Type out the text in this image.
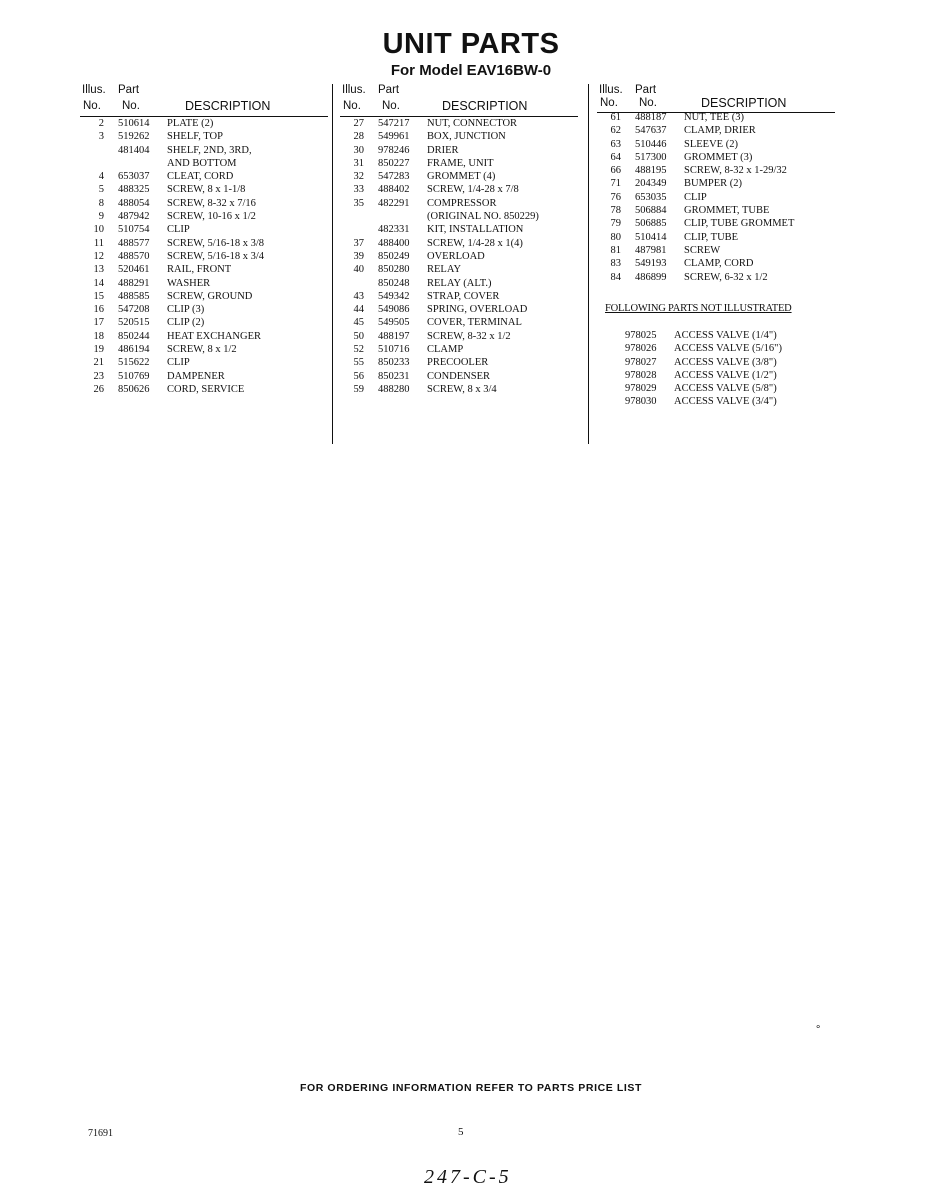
UNIT PARTS
For Model EAV16BW-0
Illus. Part
No. No.	DESCRIPTION
2 510614 PLATE (2)
3 519262 SHELF, TOP
481404 SHELF, 2ND, 3RD,
AND BOTTOM
4 653037 CLEAT, CORD
5 488325 SCREW, 8 x 1-1/8
8 488054 SCREW, 8-32 x 7/16
9 487942 SCREW, 10-16 x 1/2
10 510754 CLIP
11 488577 SCREW, 5/16-18 x 3/8
12 488570 SCREW, 5/16-18 x 3/4
13 520461 RAIL, FRONT
14 488291 WASHER
15 488585 SCREW, GROUND
16 547208 CLIP (3)
17 520515 CLIP (2)
18 850244 HEAT EXCHANGER
19 486194 SCREW, 8 x 1/2
21 515622 CLIP
23 510769 DAMPENER
26 850626 CORD, SERVICE
Illus. Part
No. No.	DESCRIPTION
27 547217 NUT, CONNECTOR
28 549961 BOX, JUNCTION
30 978246 DRIER
31 850227 FRAME, UNIT
32 547283 GROMMET (4)
33 488402 SCREW, 1/4-28 x 7/8
35 482291 COMPRESSOR
(ORIGINAL NO. 850229)
482331 KIT, INSTALLATION
37 488400 SCREW, 1/4-28 x 1(4)
39 850249 OVERLOAD
40 850280 RELAY
850248 RELAY (ALT.)
43 549342 STRAP, COVER
44 549086 SPRING, OVERLOAD
45 549505 COVER, TERMINAL
50 488197 SCREW, 8-32 x 1/2
52 510716 CLAMP
55 850233 PRECOOLER
56 850231 CONDENSER
59 488280 SCREW, 8 x 3/4
Illus. Part
No. No.	DESCRIPTION
61 488187 NUT, TEE (3)
62 547637 CLAMP, DRIER
63 510446 SLEEVE (2)
64 517300 GROMMET (3)
66 488195 SCREW, 8-32 x 1-29/32
71 204349 BUMPER (2)
76 653035 CLIP
78 506884 GROMMET, TUBE
79 506885 CLIP, TUBE GROMMET
80 510414 CLIP, TUBE
81 487981 SCREW
83 549193 CLAMP, CORD
84 486899 SCREW, 6-32 x 1/2
FOLLOWING PARTS NOT ILLUSTRATED
978025 ACCESS VALVE (1/4")
978026 ACCESS VALVE (5/16")
978027 ACCESS VALVE (3/8")
978028 ACCESS VALVE (1/2")
978029 ACCESS VALVE (5/8")
978030 ACCESS VALVE (3/4")
∘
FOR ORDERING INFORMATION REFER TO PARTS PRICE LIST
71691	5
247-C-5
